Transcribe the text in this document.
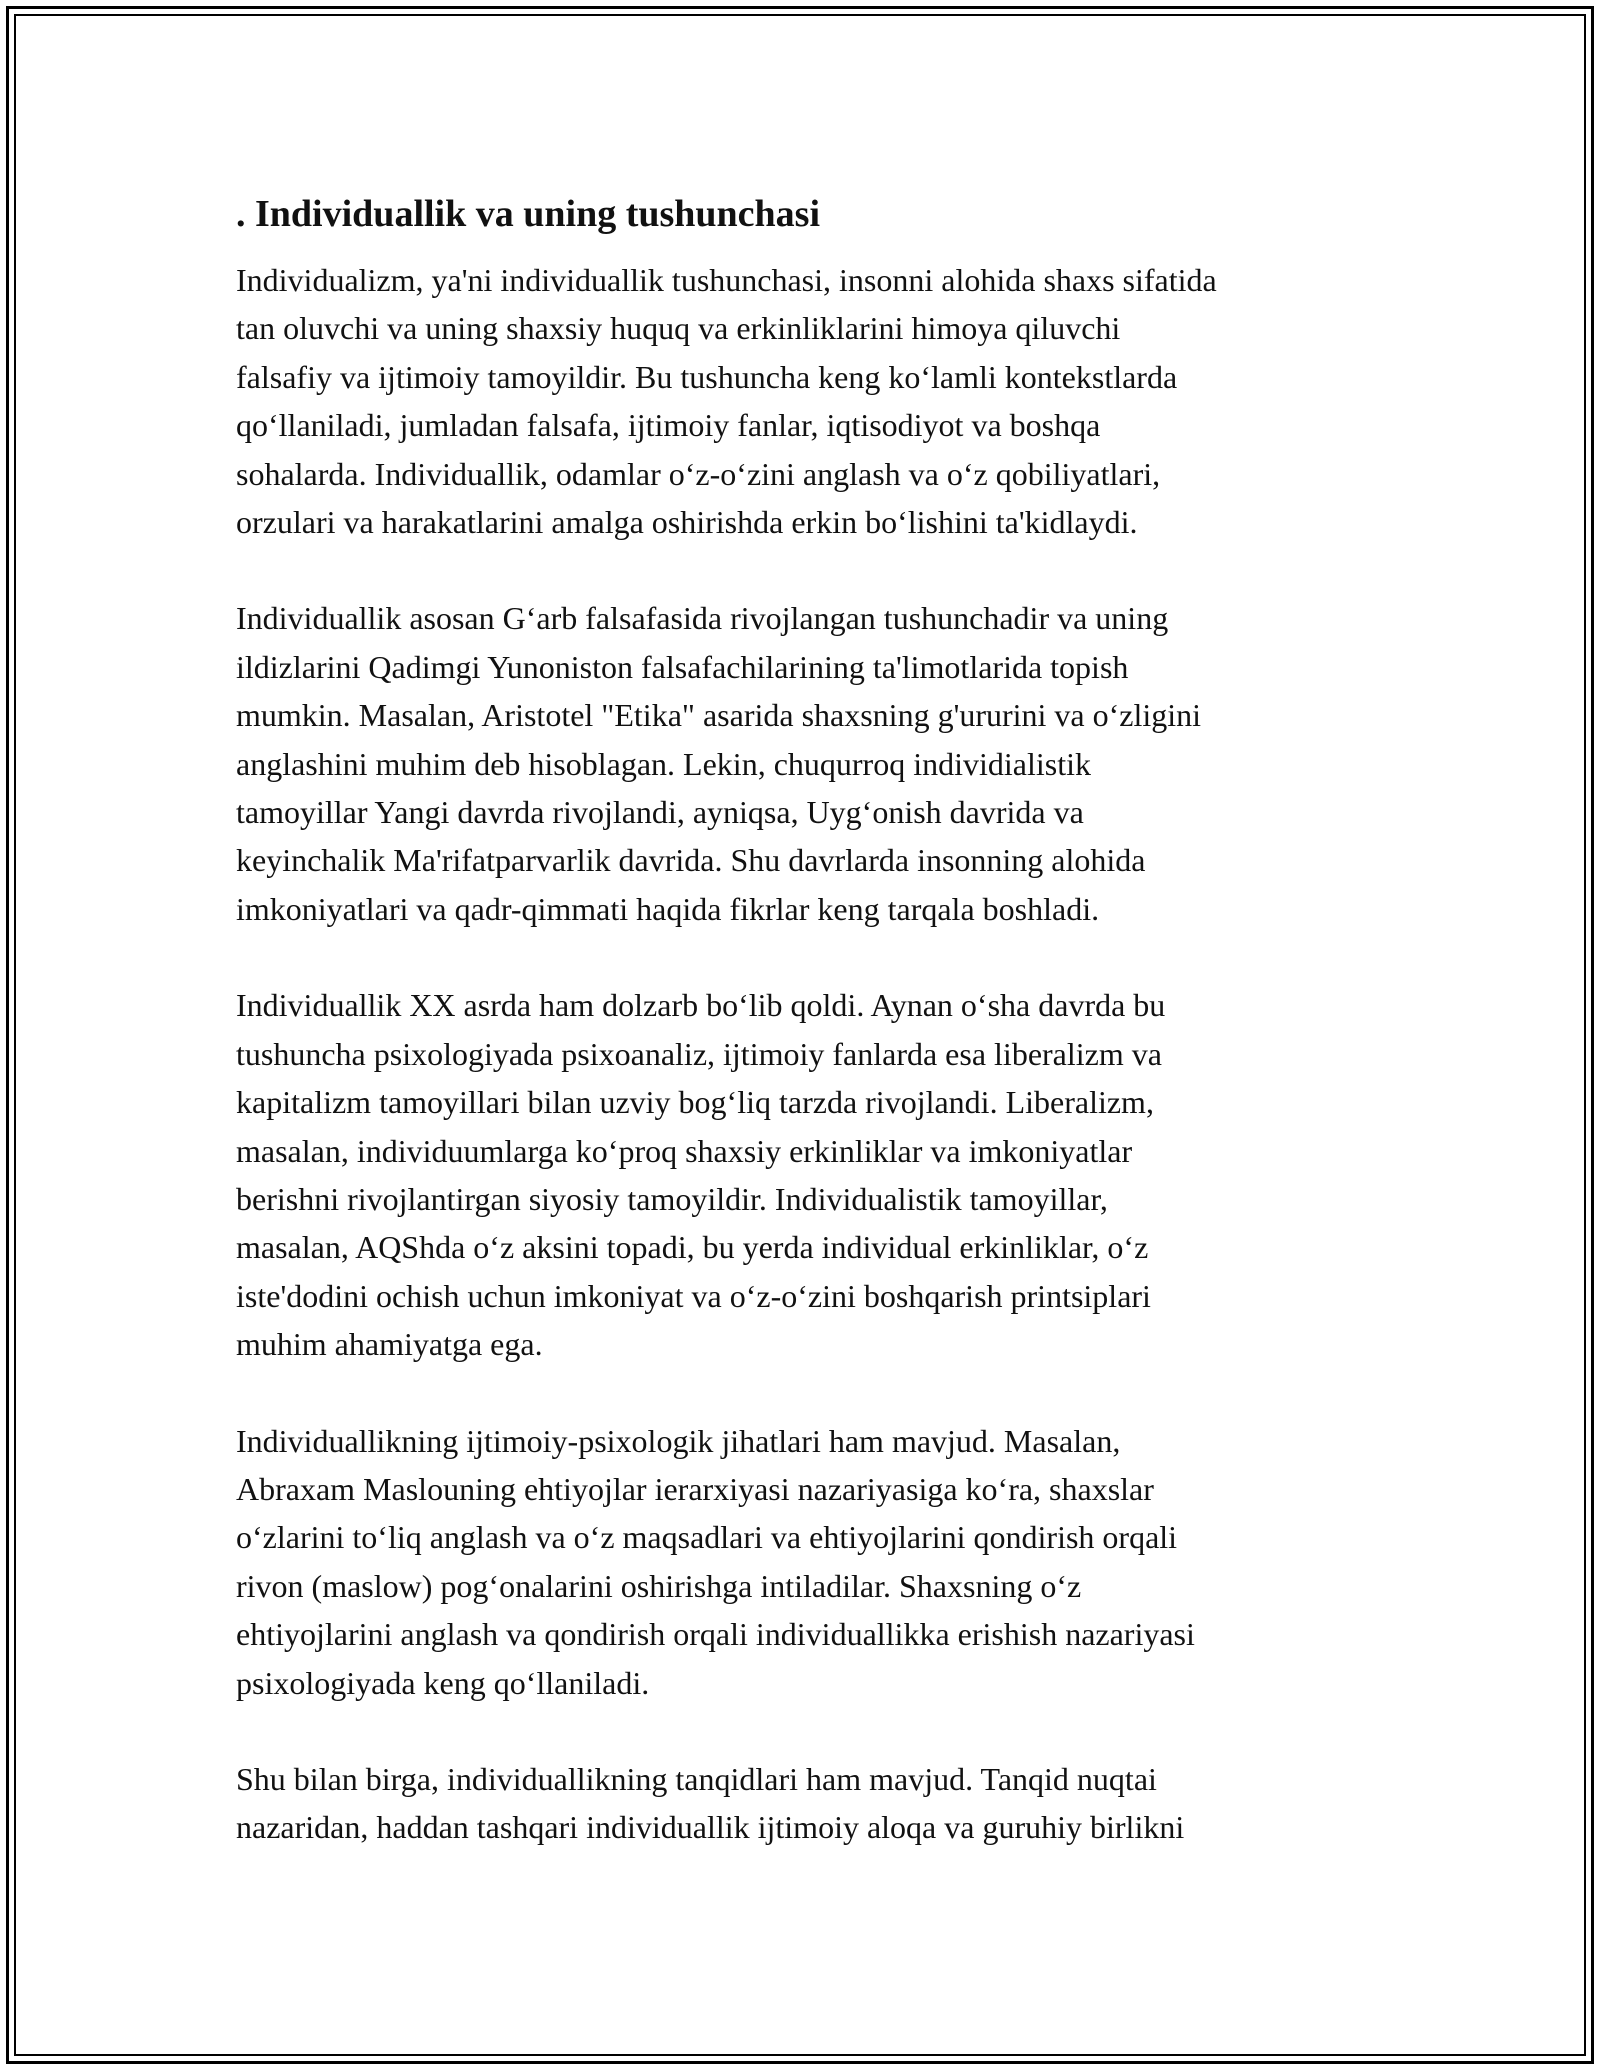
. Individuallik va uning tushunchasi
Individualizm, ya'ni individuallik tushunchasi, insonni alohida shaxs sifatida
tan oluvchi va uning shaxsiy huquq va erkinliklarini himoya qiluvchi
falsafiy va ijtimoiy tamoyildir. Bu tushuncha keng ko‘lamli kontekstlarda
qo‘llaniladi, jumladan falsafa, ijtimoiy fanlar, iqtisodiyot va boshqa
sohalarda. Individuallik, odamlar o‘z-o‘zini anglash va o‘z qobiliyatlari,
orzulari va harakatlarini amalga oshirishda erkin bo‘lishini ta'kidlaydi.
Individuallik asosan G‘arb falsafasida rivojlangan tushunchadir va uning
ildizlarini Qadimgi Yunoniston falsafachilarining ta'limotlarida topish
mumkin. Masalan, Aristotel "Etika" asarida shaxsning g'ururini va o‘zligini
anglashini muhim deb hisoblagan. Lekin, chuqurroq individialistik
tamoyillar Yangi davrda rivojlandi, ayniqsa, Uyg‘onish davrida va
keyinchalik Ma'rifatparvarlik davrida. Shu davrlarda insonning alohida
imkoniyatlari va qadr-qimmati haqida fikrlar keng tarqala boshladi.
Individuallik XX asrda ham dolzarb bo‘lib qoldi. Aynan o‘sha davrda bu
tushuncha psixologiyada psixoanaliz, ijtimoiy fanlarda esa liberalizm va
kapitalizm tamoyillari bilan uzviy bog‘liq tarzda rivojlandi. Liberalizm,
masalan, individuumlarga ko‘proq shaxsiy erkinliklar va imkoniyatlar
berishni rivojlantirgan siyosiy tamoyildir. Individualistik tamoyillar,
masalan, AQShda o‘z aksini topadi, bu yerda individual erkinliklar, o‘z
iste'dodini ochish uchun imkoniyat va o‘z-o‘zini boshqarish printsiplari
muhim ahamiyatga ega.
Individuallikning ijtimoiy-psixologik jihatlari ham mavjud. Masalan,
Abraxam Maslouning ehtiyojlar ierarxiyasi nazariyasiga ko‘ra, shaxslar
o‘zlarini to‘liq anglash va o‘z maqsadlari va ehtiyojlarini qondirish orqali
rivon (maslow) pog‘onalarini oshirishga intiladilar. Shaxsning o‘z
ehtiyojlarini anglash va qondirish orqali individuallikka erishish nazariyasi
psixologiyada keng qo‘llaniladi.
Shu bilan birga, individuallikning tanqidlari ham mavjud. Tanqid nuqtai
nazaridan, haddan tashqari individuallik ijtimoiy aloqa va guruhiy birlikni
